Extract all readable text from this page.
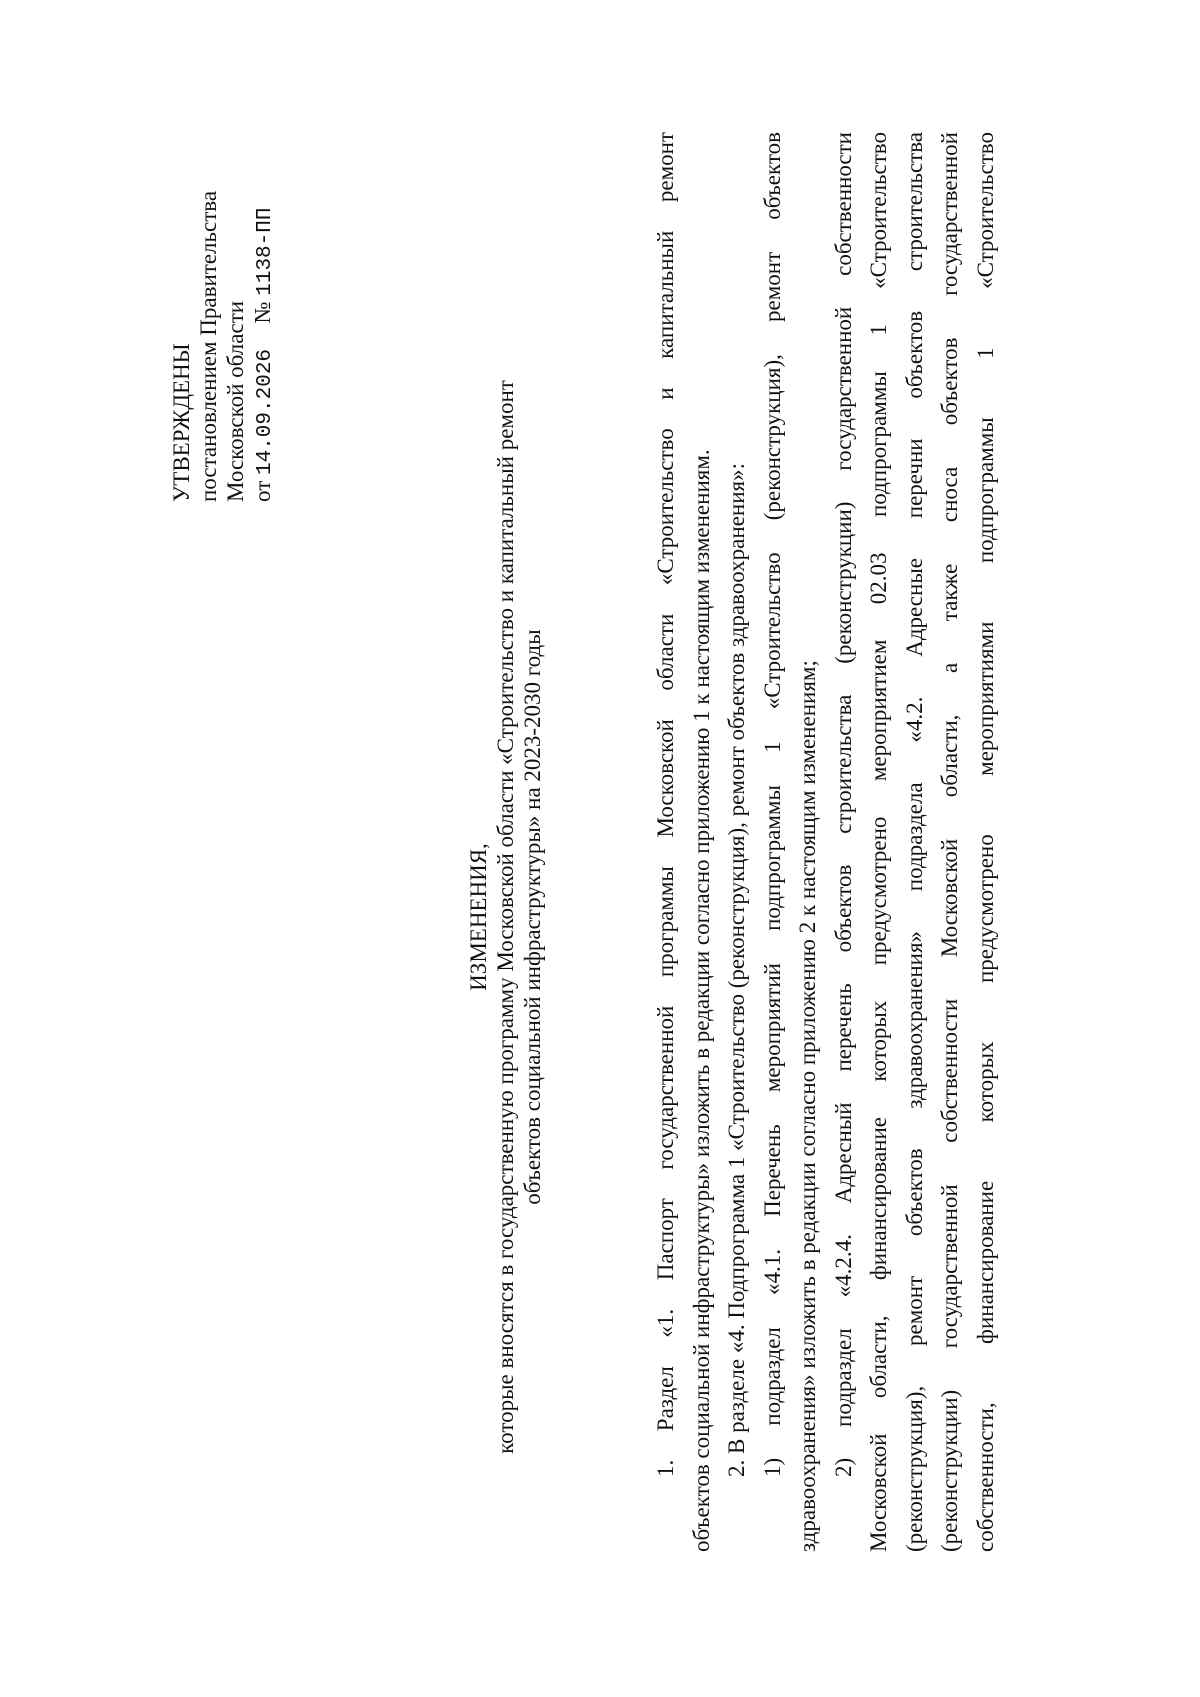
УТВЕРЖДЕНЫ постановлением Правительства Московской области от 14.09.2026  № 1138-ПП
ИЗМЕНЕНИЯ, которые вносятся в государственную программу Московской области «Строительство и капитальный ремонт объектов социальной инфраструктуры» на 2023-2030 годы	1. Раздел «1. Паспорт государственной программы Московской области «Строительство и капитальный ремонт объектов социальной инфраструктуры» изложить в редакции согласно приложению 1 к настоящим изменениям. 2. В разделе «4. Подпрограмма 1 «Строительство (реконструкция), ремонт объектов здравоохранения»: 1) подраздел «4.1. Перечень мероприятий подпрограммы 1 «Строительство (реконструкция), ремонт объектов здравоохранения» изложить в редакции согласно приложению 2 к настоящим изменениям; 2) подраздел «4.2.4. Адресный перечень объектов строительства (реконструкции) государственной собственности Московской области, финансирование которых предусмотрено мероприятием 02.03 подпрограммы 1 «Строительство (реконструкция), ремонт объектов здравоохранения» подраздела «4.2. Адресные перечни объектов строительства (реконструкции) государственной собственности Московской области, а также сноса объектов государственной собственности, финансирование которых предусмотрено мероприятиями подпрограммы 1 «Строительство
